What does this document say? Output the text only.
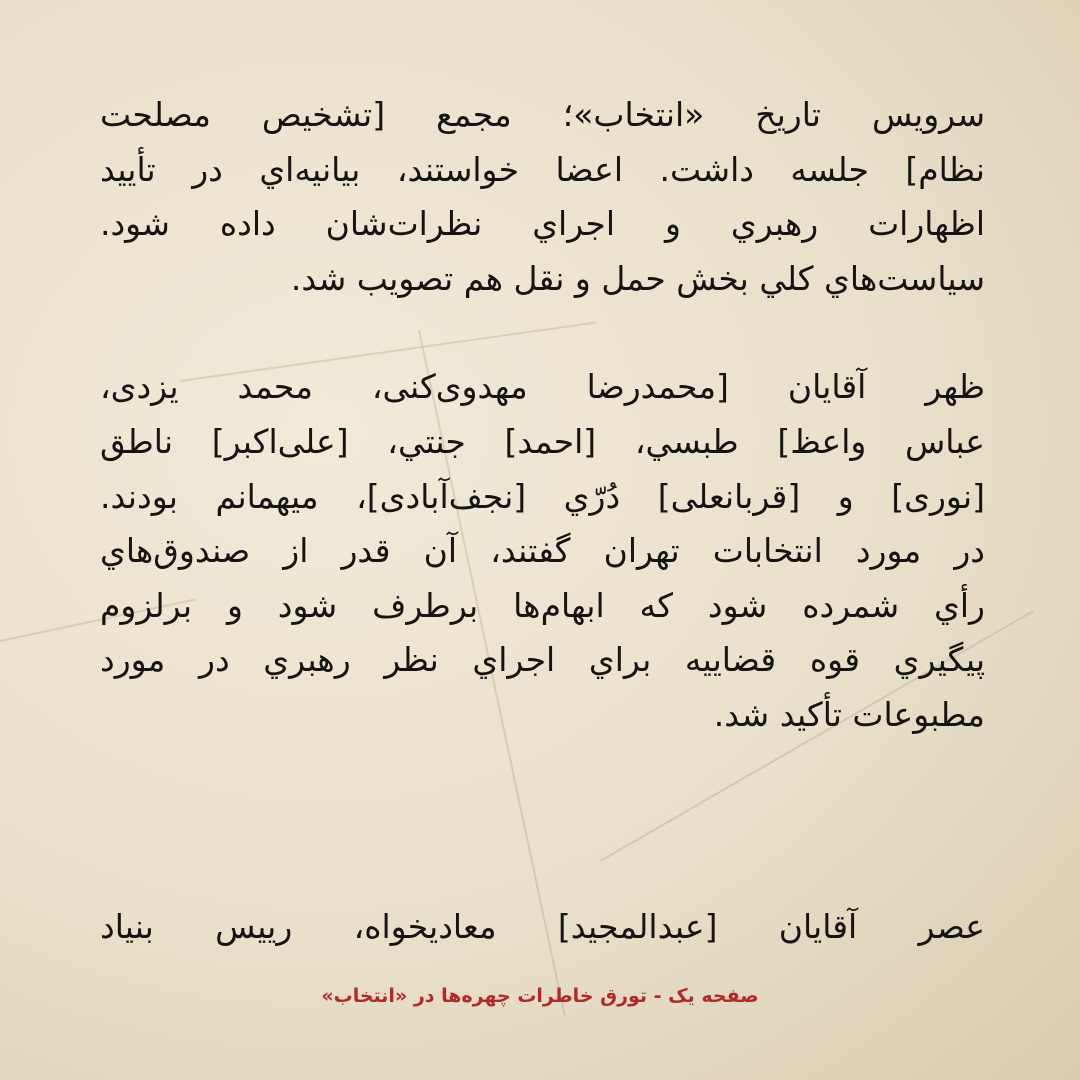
سرويس تاريخ «انتخاب»؛ مجمع [تشخيص مصلحت
نظام] جلسه داشت. اعضا خواستند، بيانيه‌اي در تأييد
اظهارات رهبري و اجراي نظرات‌شان داده شود.
سياست‌هاي كلي بخش حمل و نقل هم تصويب شد.
ظهر آقايان [محمدرضا مهدوی‌کنی، محمد يزدی،
عباس واعظ] طبسي، [احمد] جنتي، [علی‌اکبر] ناطق
[نوری] و [قربانعلی] دُرّي [نجف‌آبادی]، ميهمانم بودند.
در مورد انتخابات تهران گفتند، آن قدر از صندوق‌هاي
رأي شمرده شود كه ابهام‌ها برطرف شود و برلزوم
پيگيري قوه قضاييه براي اجراي نظر رهبري در مورد
مطبوعات تأكيد شد.
عصر آقايان [عبدالمجيد] معاديخواه، رييس بنياد
صفحه یک - تورق خاطرات چهره‌ها در «انتخاب»
